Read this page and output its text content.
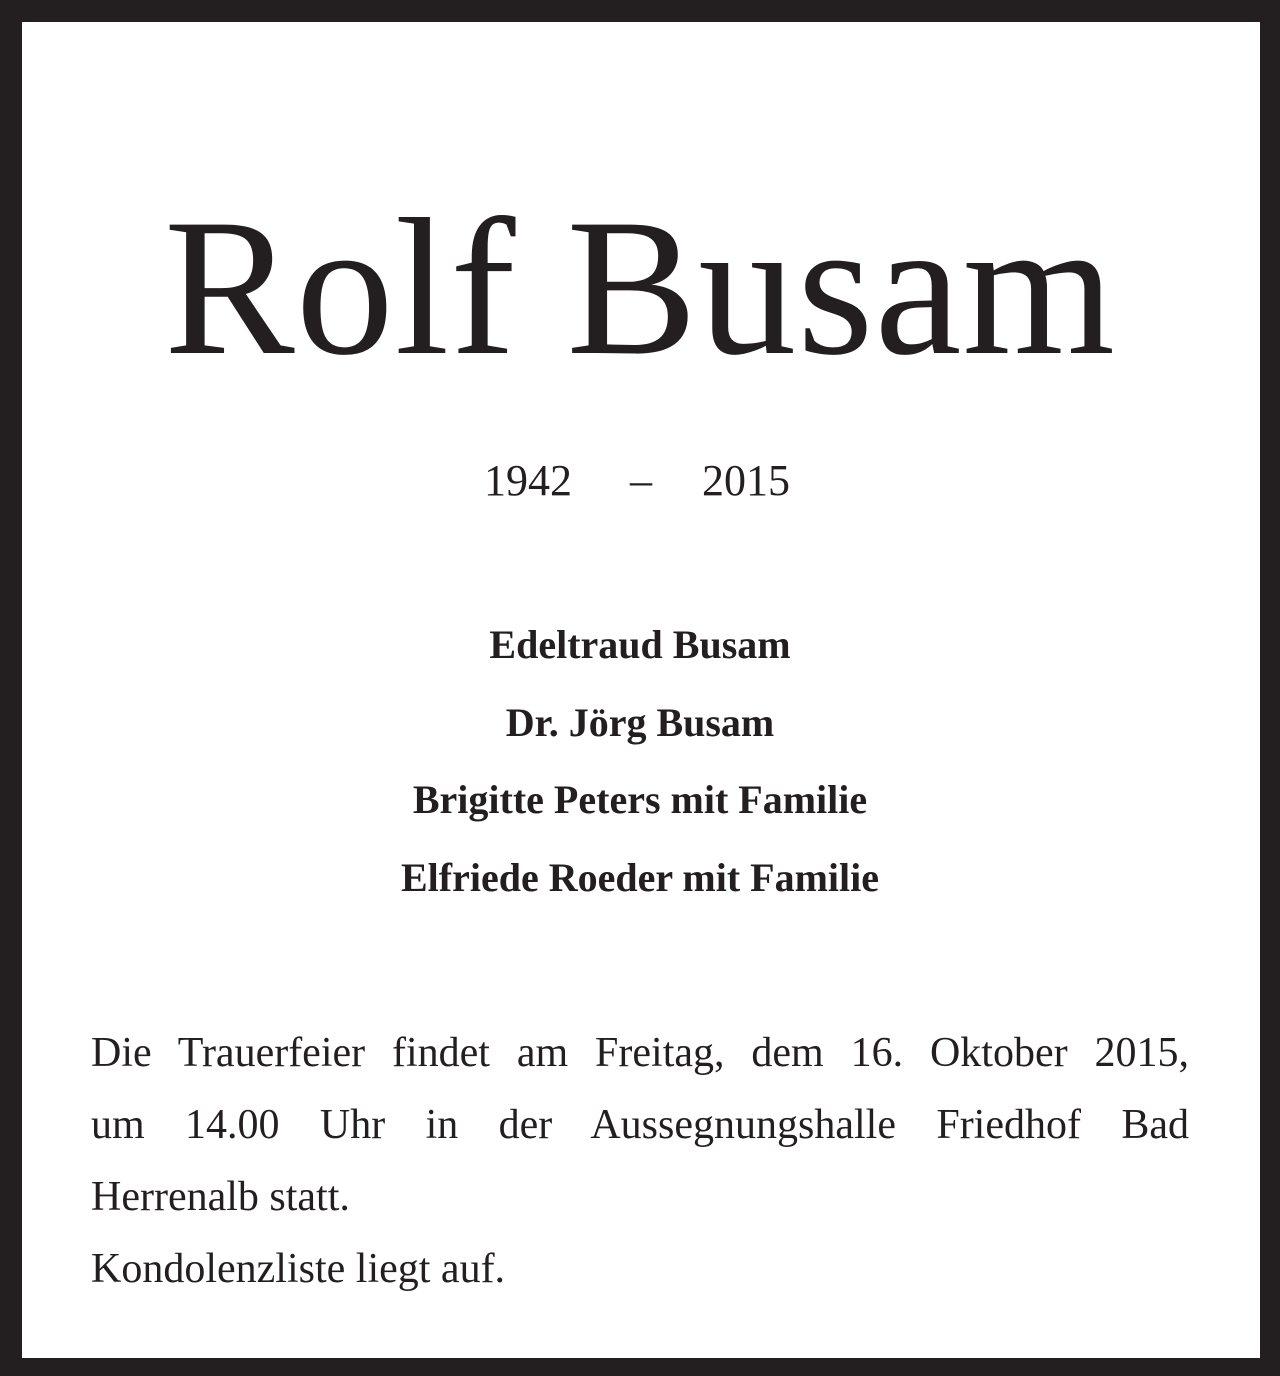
Rolf Busam
1942 – 2015
Edeltraud Busam
Dr. Jörg Busam
Brigitte Peters mit Familie
Elfriede Roeder mit Familie
Die Trauerfeier findet am Freitag, dem 16. Oktober 2015,
um 14.00 Uhr in der Aussegnungshalle Friedhof Bad
Herrenalb statt.
Kondolenzliste liegt auf.
